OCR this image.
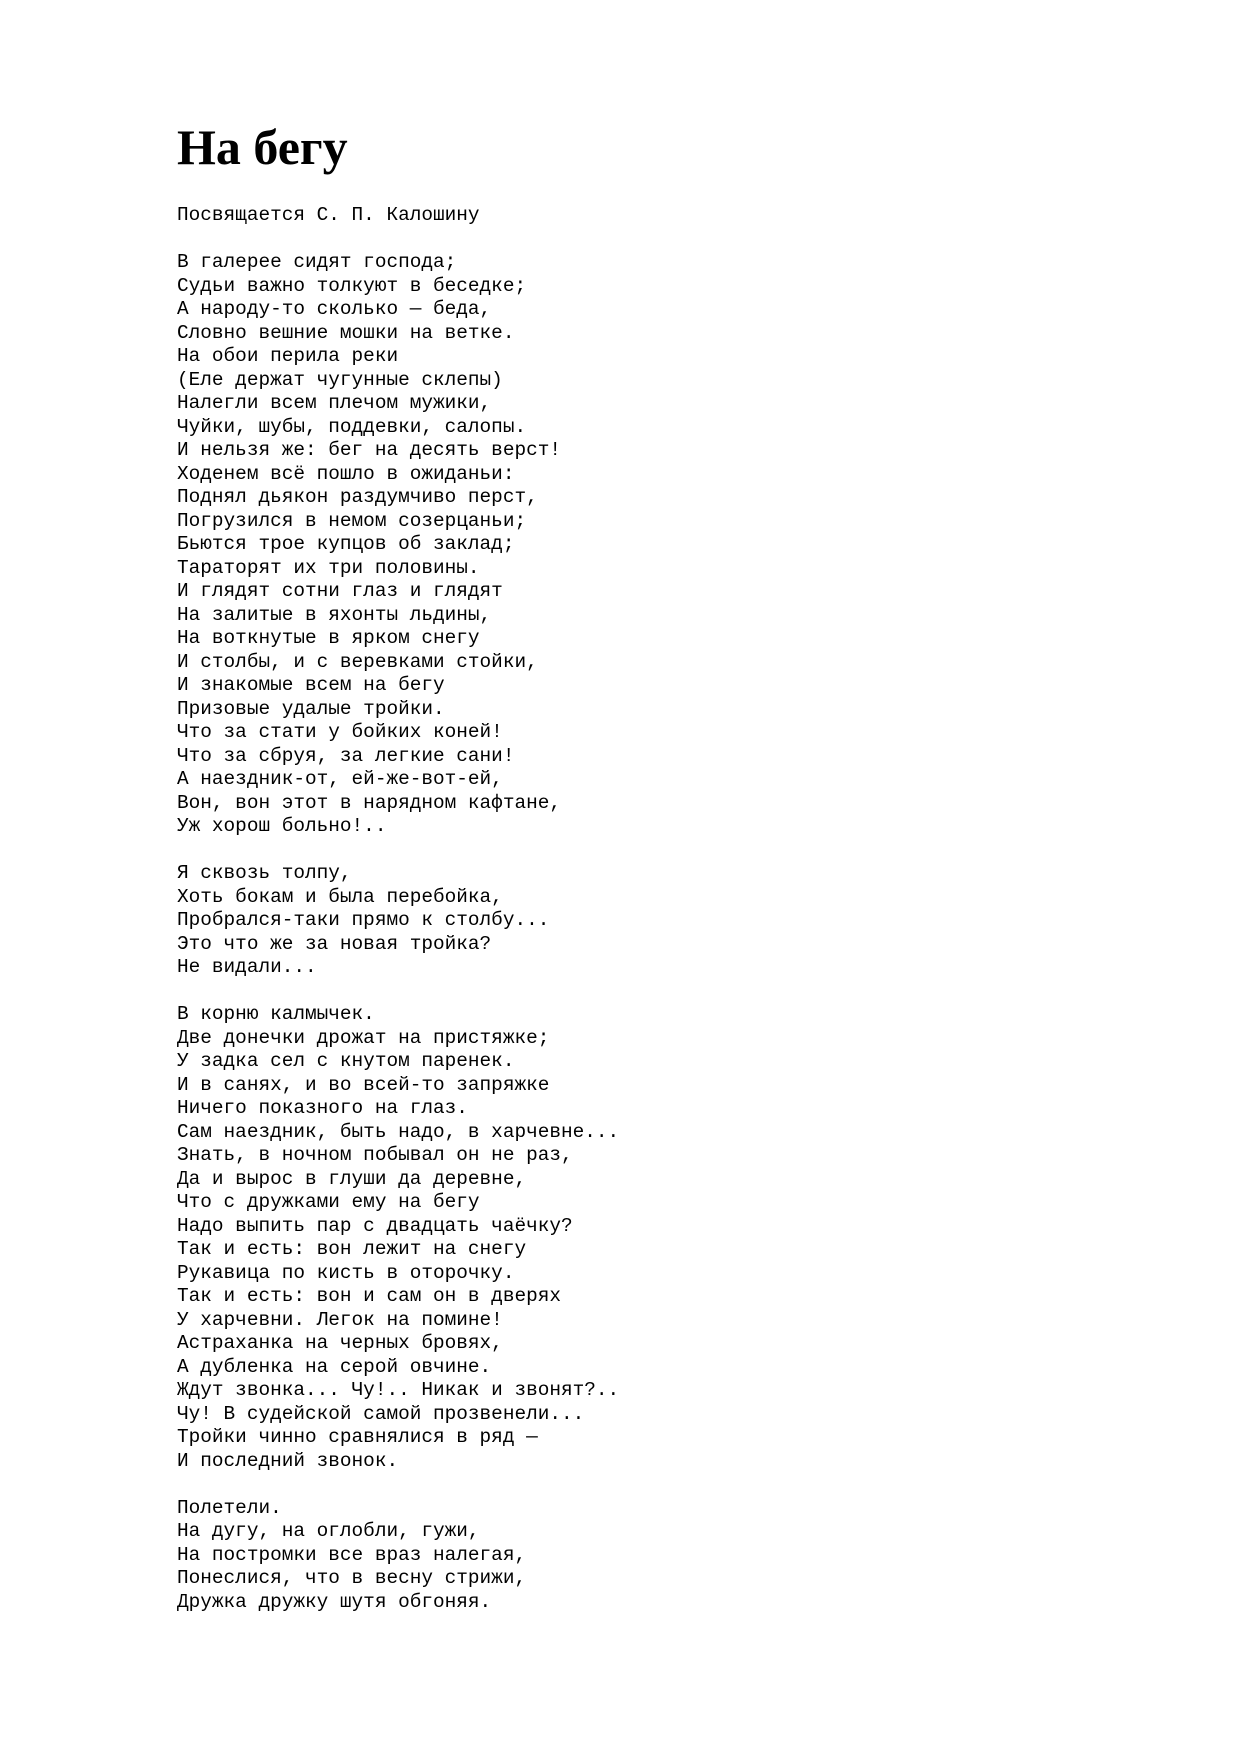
На бегу
Посвящается С. П. Калошину
В галерее сидят господа;
Судьи важно толкуют в беседке;
А народу-то сколько — беда,
Словно вешние мошки на ветке.
На обои перила реки
(Еле держат чугунные склепы)
Налегли всем плечом мужики,
Чуйки, шубы, поддевки, салопы.
И нельзя же: бег на десять верст!
Ходенем всё пошло в ожиданьи:
Поднял дьякон раздумчиво перст,
Погрузился в немом созерцаньи;
Бьются трое купцов об заклад;
Тараторят их три половины.
И глядят сотни глаз и глядят
На залитые в яхонты льдины,
На воткнутые в ярком снегу
И столбы, и с веревками стойки,
И знакомые всем на бегу
Призовые удалые тройки.
Что за стати у бойких коней!
Что за сбруя, за легкие сани!
А наездник-от, ей-же-вот-ей,
Вон, вон этот в нарядном кафтане,
Уж хорош больно!..
Я сквозь толпу,
Хоть бокам и была перебойка,
Пробрался-таки прямо к столбу...
Это что же за новая тройка?
Не видали...
В корню калмычек.
Две донечки дрожат на пристяжке;
У задка сел с кнутом паренек.
И в санях, и во всей-то запряжке
Ничего показного на глаз.
Сам наездник, быть надо, в харчевне...
Знать, в ночном побывал он не раз,
Да и вырос в глуши да деревне,
Что с дружками ему на бегу
Надо выпить пар с двадцать чаёчку?
Так и есть: вон лежит на снегу
Рукавица по кисть в оторочку.
Так и есть: вон и сам он в дверях
У харчевни. Легок на помине!
Астраханка на черных бровях,
А дубленка на серой овчине.
Ждут звонка... Чу!.. Никак и звонят?..
Чу! В судейской самой прозвенели...
Тройки чинно сравнялися в ряд —
И последний звонок.
Полетели.
На дугу, на оглобли, гужи,
На постромки все враз налегая,
Понеслися, что в весну стрижи,
Дружка дружку шутя обгоняя.
